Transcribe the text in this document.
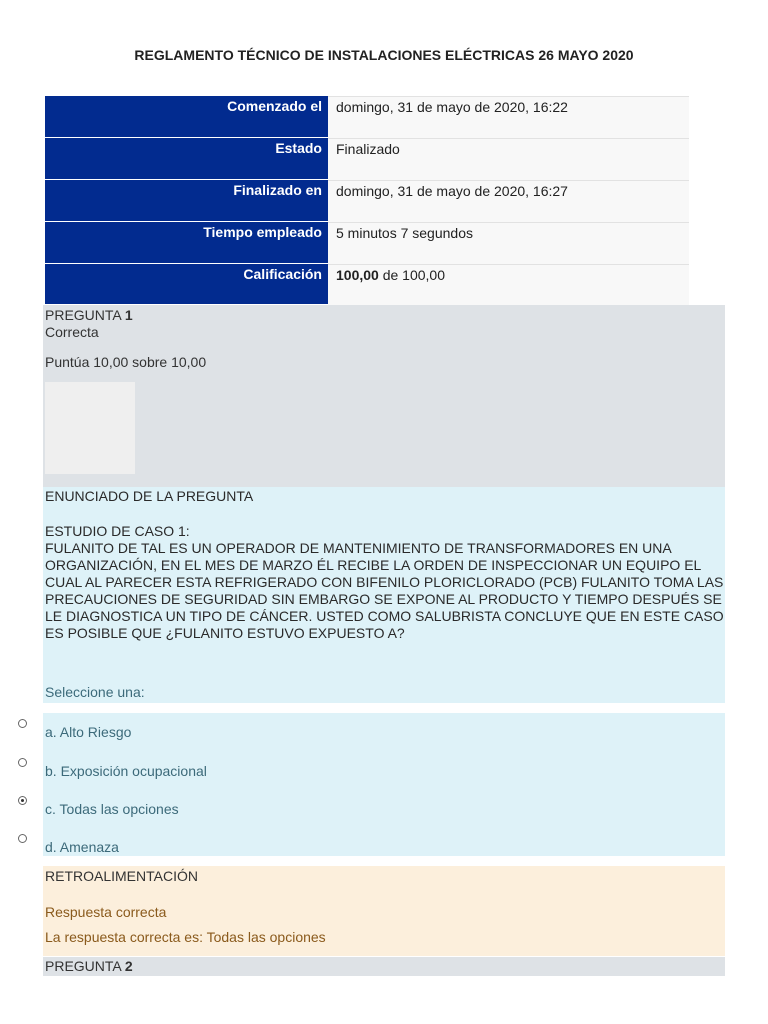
REGLAMENTO TÉCNICO DE INSTALACIONES ELÉCTRICAS 26 MAYO 2020
Comenzado el	domingo, 31 de mayo de 2020, 16:22
Estado	Finalizado
Finalizado en	domingo, 31 de mayo de 2020, 16:27
Tiempo empleado	5 minutos 7 segundos
Calificación	100,00 de 100,00
PREGUNTA 1
Correcta
Puntúa 10,00 sobre 10,00
ENUNCIADO DE LA PREGUNTA
ESTUDIO DE CASO 1:
FULANITO DE TAL ES UN OPERADOR DE MANTENIMIENTO DE TRANSFORMADORES EN UNA ORGANIZACIÓN, EN EL MES DE MARZO ÉL RECIBE LA ORDEN DE INSPECCIONAR UN EQUIPO EL CUAL AL PARECER ESTA REFRIGERADO CON BIFENILO PLORICLORADO (PCB) FULANITO TOMA LAS PRECAUCIONES DE SEGURIDAD SIN EMBARGO SE EXPONE AL PRODUCTO Y TIEMPO DESPUÉS SE LE DIAGNOSTICA UN TIPO DE CÁNCER. USTED COMO SALUBRISTA CONCLUYE QUE EN ESTE CASO ES POSIBLE QUE ¿FULANITO ESTUVO EXPUESTO A?
Seleccione una:
a. Alto Riesgo
b. Exposición ocupacional
c. Todas las opciones
d. Amenaza
RETROALIMENTACIÓN
Respuesta correcta
La respuesta correcta es: Todas las opciones
PREGUNTA 2
